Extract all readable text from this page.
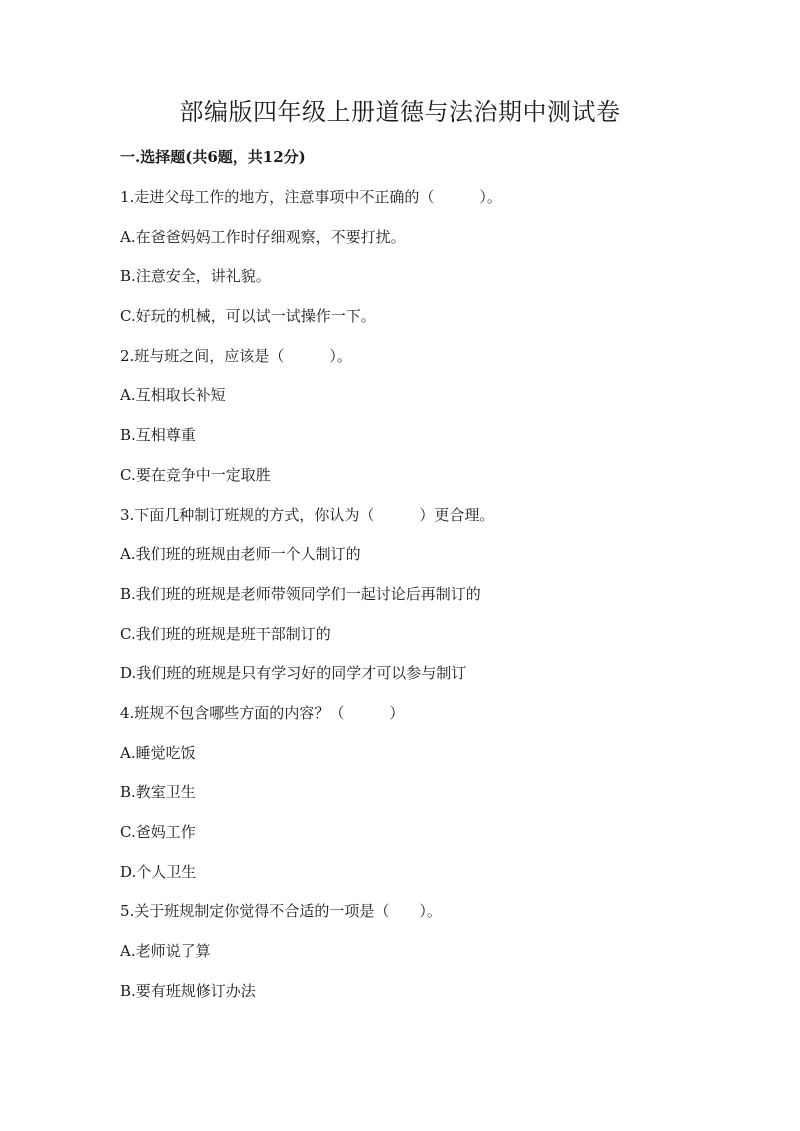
部编版四年级上册道德与法治期中测试卷
一.选择题(共6题，共12分)
1.走进父母工作的地方，注意事项中不正确的（　　　）。
A.在爸爸妈妈工作时仔细观察，不要打扰。
B.注意安全，讲礼貌。
C.好玩的机械，可以试一试操作一下。
2.班与班之间，应该是（　　　）。
A.互相取长补短
B.互相尊重
C.要在竞争中一定取胜
3.下面几种制订班规的方式，你认为（　　　）更合理。
A.我们班的班规由老师一个人制订的
B.我们班的班规是老师带领同学们一起讨论后再制订的
C.我们班的班规是班干部制订的
D.我们班的班规是只有学习好的同学才可以参与制订
4.班规不包含哪些方面的内容？（　　　）
A.睡觉吃饭
B.教室卫生
C.爸妈工作
D.个人卫生
5.关于班规制定你觉得不合适的一项是（　　）。
A.老师说了算
B.要有班规修订办法
